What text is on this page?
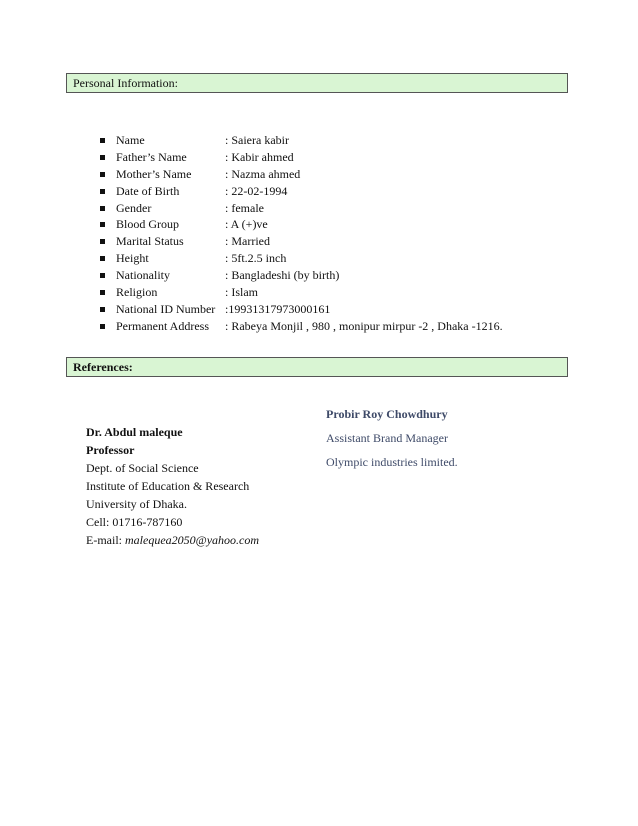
Personal Information:
Name	: Saiera kabir
Father’s Name	: Kabir ahmed
Mother’s Name	: Nazma ahmed
Date of Birth	: 22-02-1994
Gender	: female
Blood Group	: A (+)ve
Marital Status	: Married
Height	: 5ft.2.5 inch
Nationality	: Bangladeshi (by birth)
Religion	: Islam
National ID Number :19931317973000161
Permanent Address	: Rabeya Monjil , 980 , monipur mirpur -2 , Dhaka -1216.
References:
Dr. Abdul maleque
Professor
Dept. of Social Science
Institute of Education & Research
University of Dhaka.
Cell: 01716-787160
E-mail: malequea2050@yahoo.com
Probir Roy Chowdhury
Assistant Brand Manager
Olympic industries limited.
